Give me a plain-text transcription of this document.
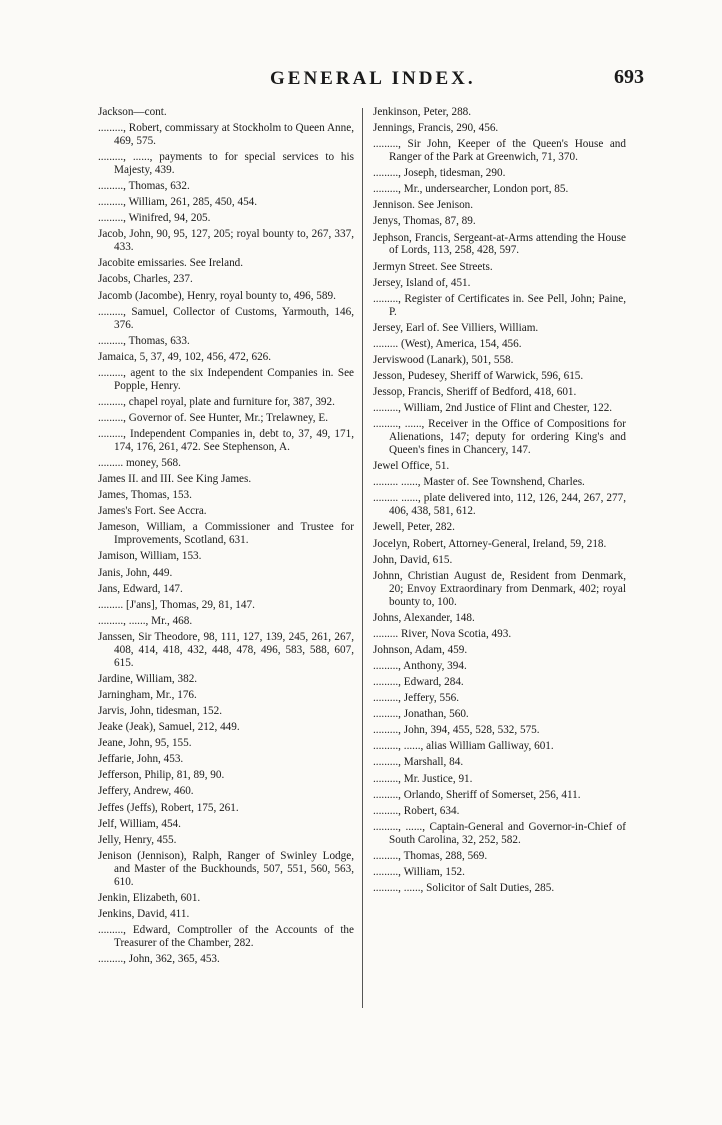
GENERAL INDEX.	693

Jackson—cont.

........., Robert, commissary at Stockholm to Queen Anne, 469, 575.

........., ......, payments to for special services to his Majesty, 439.

........., Thomas, 632.

........., William, 261, 285, 450, 454.

........., Winifred, 94, 205.

Jacob, John, 90, 95, 127, 205; royal bounty to, 267, 337, 433.

Jacobite emissaries. See Ireland.

Jacobs, Charles, 237.

Jacomb (Jacombe), Henry, royal bounty to, 496, 589.

........., Samuel, Collector of Customs, Yarmouth, 146, 376.

........., Thomas, 633.

Jamaica, 5, 37, 49, 102, 456, 472, 626.

........., agent to the six Independent Companies in. See Popple, Henry.

........., chapel royal, plate and furniture for, 387, 392.

........., Governor of. See Hunter, Mr.; Trelawney, E.

........., Independent Companies in, debt to, 37, 49, 171, 174, 176, 261, 472. See Stephenson, A.

......... money, 568.

James II. and III. See King James.

James, Thomas, 153.

James's Fort. See Accra.

Jameson, William, a Commissioner and Trustee for Improvements, Scotland, 631.

Jamison, William, 153.

Janis, John, 449.

Jans, Edward, 147.

......... [J'ans], Thomas, 29, 81, 147.

........., ......, Mr., 468.

Janssen, Sir Theodore, 98, 111, 127, 139, 245, 261, 267, 408, 414, 418, 432, 448, 478, 496, 583, 588, 607, 615.

Jardine, William, 382.

Jarningham, Mr., 176.

Jarvis, John, tidesman, 152.

Jeake (Jeak), Samuel, 212, 449.

Jeane, John, 95, 155.

Jeffarie, John, 453.

Jefferson, Philip, 81, 89, 90.

Jeffery, Andrew, 460.

Jeffes (Jeffs), Robert, 175, 261.

Jelf, William, 454.

Jelly, Henry, 455.

Jenison (Jennison), Ralph, Ranger of Swinley Lodge, and Master of the Buckhounds, 507, 551, 560, 563, 610.

Jenkin, Elizabeth, 601.

Jenkins, David, 411.

........., Edward, Comptroller of the Accounts of the Treasurer of the Chamber, 282.

........., John, 362, 365, 453.

Jenkinson, Peter, 288.

Jennings, Francis, 290, 456.

........., Sir John, Keeper of the Queen's House and Ranger of the Park at Greenwich, 71, 370.

........., Joseph, tidesman, 290.

........., Mr., undersearcher, London port, 85.

Jennison. See Jenison.

Jenys, Thomas, 87, 89.

Jephson, Francis, Sergeant-at-Arms attending the House of Lords, 113, 258, 428, 597.

Jermyn Street. See Streets.

Jersey, Island of, 451.

........., Register of Certificates in. See Pell, John; Paine, P.

Jersey, Earl of. See Villiers, William.

......... (West), America, 154, 456.

Jerviswood (Lanark), 501, 558.

Jesson, Pudesey, Sheriff of Warwick, 596, 615.

Jessop, Francis, Sheriff of Bedford, 418, 601.

........., William, 2nd Justice of Flint and Chester, 122.

........., ......, Receiver in the Office of Compositions for Alienations, 147; deputy for ordering King's and Queen's fines in Chancery, 147.

Jewel Office, 51.

......... ......, Master of. See Townshend, Charles.

......... ......, plate delivered into, 112, 126, 244, 267, 277, 406, 438, 581, 612.

Jewell, Peter, 282.

Jocelyn, Robert, Attorney-General, Ireland, 59, 218.

John, David, 615.

Johnn, Christian August de, Resident from Denmark, 20; Envoy Extraordinary from Denmark, 402; royal bounty to, 100.

Johns, Alexander, 148.

......... River, Nova Scotia, 493.

Johnson, Adam, 459.

........., Anthony, 394.

........., Edward, 284.

........., Jeffery, 556.

........., Jonathan, 560.

........., John, 394, 455, 528, 532, 575.

........., ......, alias William Galliway, 601.

........., Marshall, 84.

........., Mr. Justice, 91.

........., Orlando, Sheriff of Somerset, 256, 411.

........., Robert, 634.

........., ......, Captain-General and Governor-in-Chief of South Carolina, 32, 252, 582.

........., Thomas, 288, 569.

........., William, 152.

........., ......, Solicitor of Salt Duties, 285.
